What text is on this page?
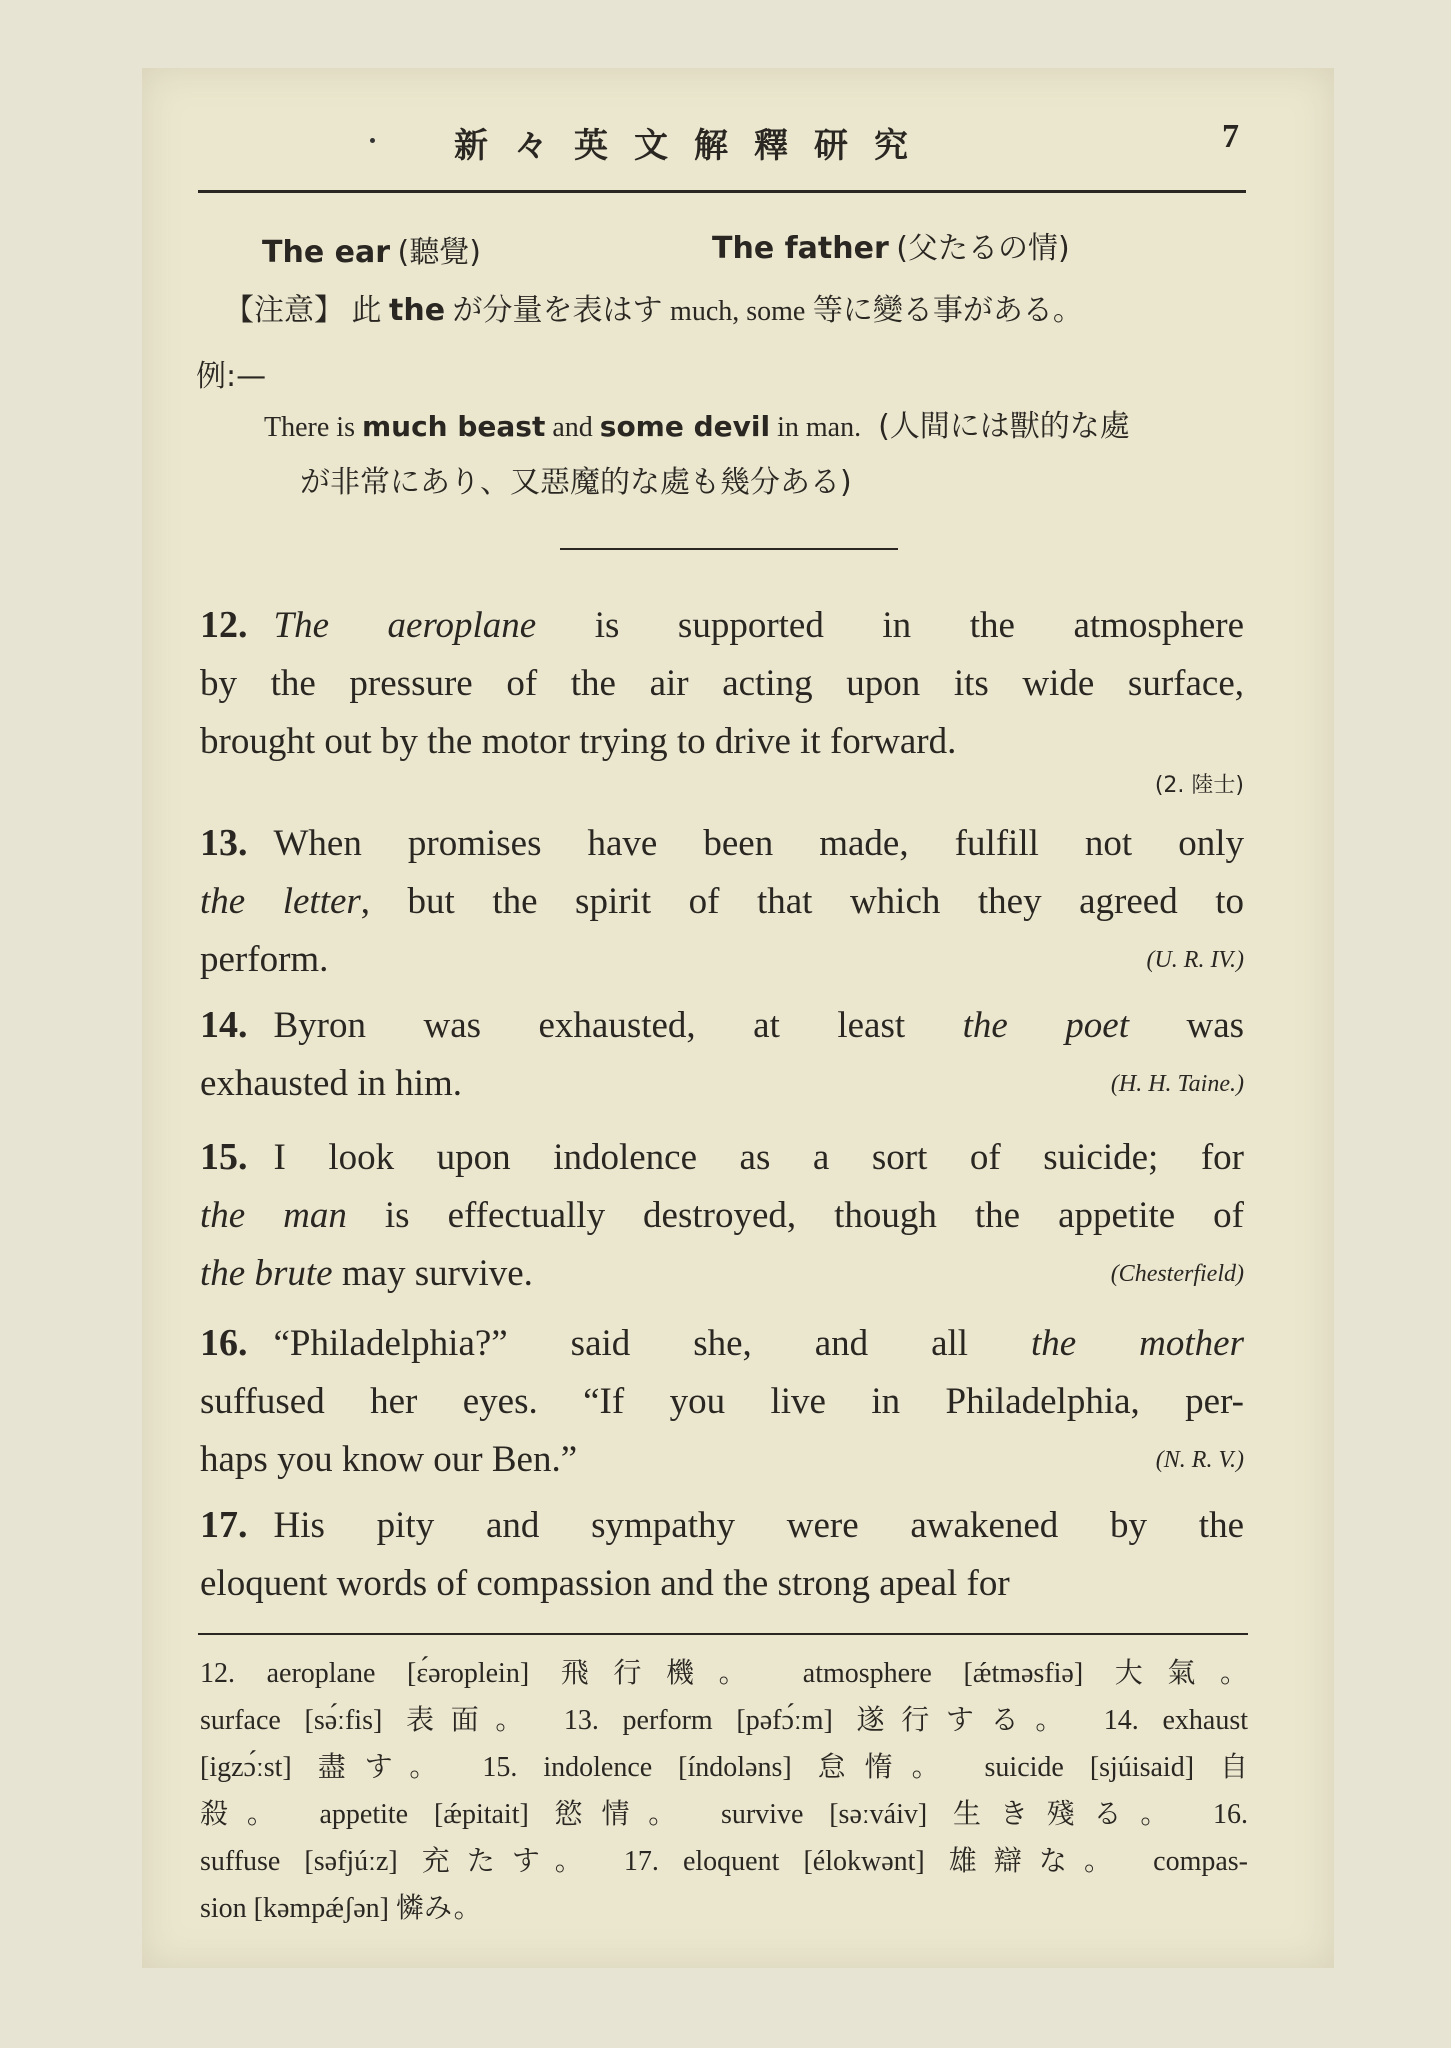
新々英文解釋研究	7
The ear (聽覺)	The father (父たるの情)
【注意】 此 the が分量を表はす much, some 等に變る事がある。
例:—
There is much beast and some devil in man. (人間には獸的な處
が非常にあり、又惡魔的な處も幾分ある)
12. The aeroplane is supported in the atmosphere
by the pressure of the air acting upon its wide surface,
brought out by the motor trying to drive it forward.

(2. 陸士)
13. When promises have been made, fulfill not only
the letter, but the spirit of that which they agreed to
perform.	(U. R. IV.)
14. Byron was exhausted, at least the poet was
exhausted in him.	(H. H. Taine.)
15. I look upon indolence as a sort of suicide; for
the man is effectually destroyed, though the appetite of
the brute may survive.	(Chesterfield)
16. “Philadelphia?” said she, and all the mother
suffused her eyes. “If you live in Philadelphia, per-
haps you know our Ben.”	(N. R. V.)
17. His pity and sympathy were awakened by the
eloquent words of compassion and the strong apeal for
12. aeroplane [ɛ́əroplein] 飛行機。 atmosphere [ǽtməsfiə] 大氣。
surface [sə́ːfis] 表面。 13. perform [pəfɔ́ːm] 遂行する。 14. exhaust
[igzɔ́ːst] 盡す。 15. indolence [índoləns] 怠惰。 suicide [sjúisaid] 自
殺。 appetite [ǽpitait] 慾情。 survive [səːváiv] 生き殘る。 16.
suffuse [səfjúːz] 充たす。 17. eloquent [élokwənt] 雄辯な。 compas-
sion [kəmpǽʃən] 憐み。
